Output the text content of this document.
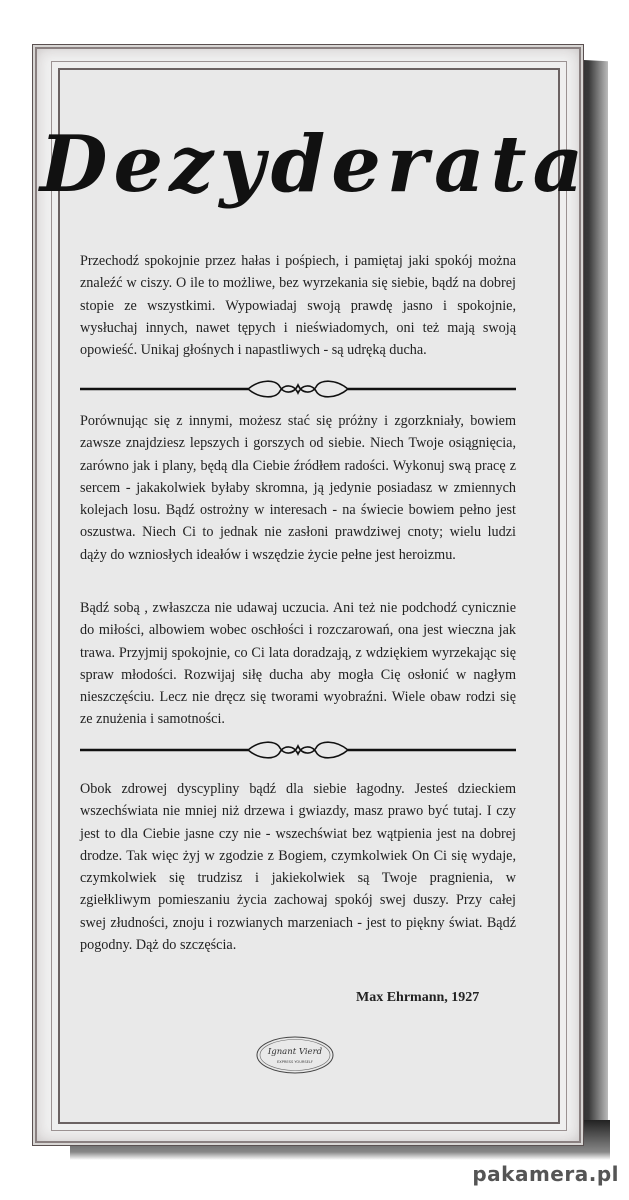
Dezyderata

Przechodź spokojnie przez hałas i pośpiech, i pamiętaj jaki spokój można znaleźć w ciszy. O ile to możliwe, bez wyrzekania się siebie, bądź na dobrej stopie ze wszystkimi. Wypowiadaj swoją prawdę jasno i spokojnie, wysłuchaj innych, nawet tępych i nieświadomych, oni też mają swoją opowieść. Unikaj głośnych i napastliwych - są udręką ducha.

Porównując się z innymi, możesz stać się próżny i zgorzkniały, bowiem zawsze znajdziesz lepszych i gorszych od siebie. Niech Twoje osiągnięcia, zarówno jak i plany, będą dla Ciebie źródłem radości. Wykonuj swą pracę z sercem - jakakolwiek byłaby skromna, ją jedynie posiadasz w zmiennych kolejach losu. Bądź ostrożny w interesach - na świecie bowiem pełno jest oszustwa. Niech Ci to jednak nie zasłoni prawdziwej cnoty; wielu ludzi dąży do wzniosłych ideałów i wszędzie życie pełne jest heroizmu.

Bądź sobą , zwłaszcza nie udawaj uczucia. Ani też nie podchodź cynicznie do miłości, albowiem wobec oschłości i rozczarowań, ona jest wieczna jak trawa. Przyjmij spokojnie, co Ci lata doradzają, z wdziękiem wyrzekając się spraw młodości. Rozwijaj siłę ducha aby mogła Cię osłonić w nagłym nieszczęściu. Lecz nie dręcz się tworami wyobraźni. Wiele obaw rodzi się ze znużenia i samotności.

Obok zdrowej dyscypliny bądź dla siebie łagodny. Jesteś dzieckiem wszechświata nie mniej niż drzewa i gwiazdy, masz prawo być tutaj. I czy jest to dla Ciebie jasne czy nie - wszechświat bez wątpienia jest na dobrej drodze. Tak więc żyj w zgodzie z Bogiem, czymkolwiek On Ci się wydaje, czymkolwiek się trudzisz i jakiekolwiek są Twoje pragnienia, w zgiełkliwym pomieszaniu życia zachowaj spokój swej duszy. Przy całej swej złudności, znoju i rozwianych marzeniach - jest to piękny świat. Bądź pogodny. Dąż do szczęścia.

Max Ehrmann, 1927
Ignant Vierd
EXPRESS YOURSELF
pakamera.pl
